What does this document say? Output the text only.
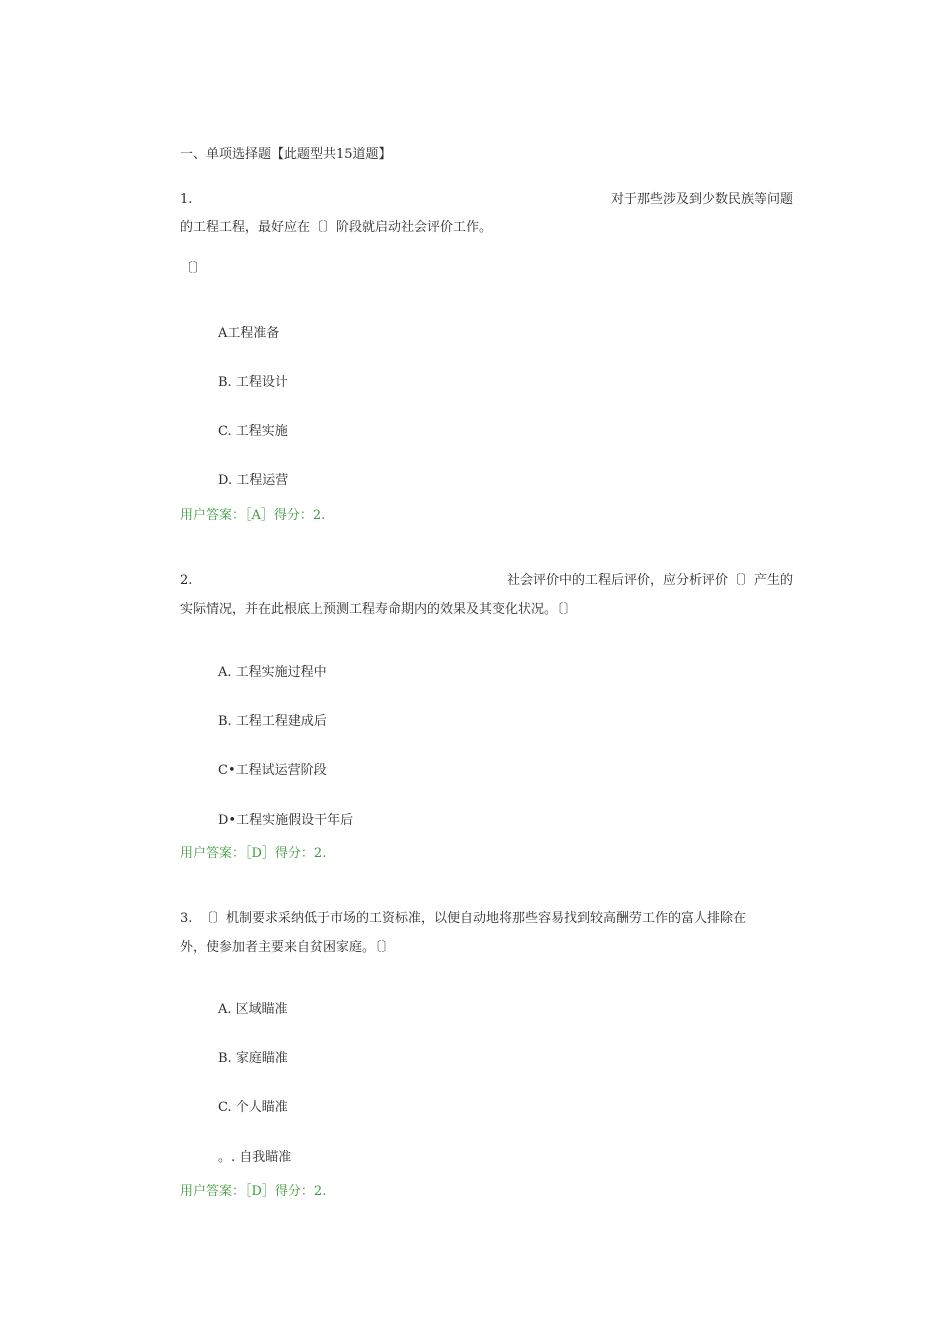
一、单项选择题【此题型共15道题】
1.	对于那些涉及到少数民族等问题
的工程工程，最好应在〔〕阶段就启动社会评价工作。
〔〕
A工程准备
B. 工程设计
C. 工程实施
D. 工程运营
用户答案：［A］得分：2.
2.	社会评价中的工程后评价，应分析评价〔〕产生的
实际情况，并在此根底上预测工程寿命期内的效果及其变化状况。〔〕
A. 工程实施过程中
B. 工程工程建成后
C•工程试运营阶段
D•工程实施假设干年后
用户答案：［D］得分：2.
3. 〔〕机制要求采纳低于市场的工资标准，以便自动地将那些容易找到较高酬劳工作的富人排除在
外，使参加者主要来自贫困家庭。〔〕
A. 区域瞄准
B. 家庭瞄准
C. 个人瞄准
。. 自我瞄准
用户答案：［D］得分：2.
